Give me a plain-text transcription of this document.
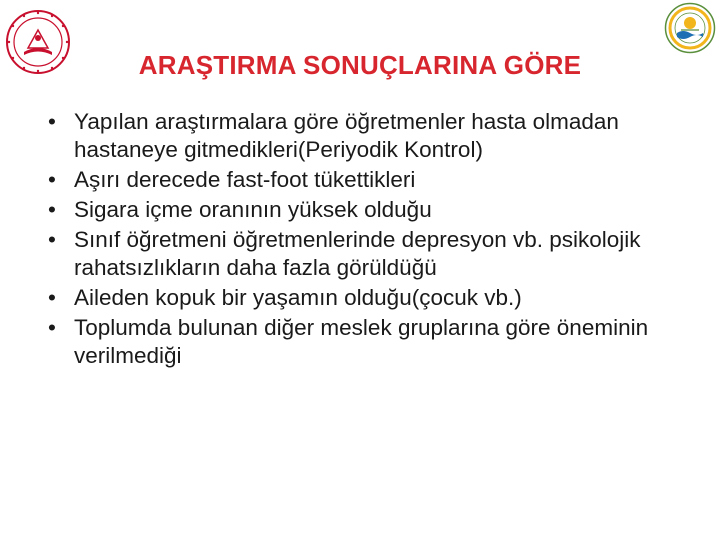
ARAŞTIRMA SONUÇLARINA GÖRE
• Yapılan araştırmalara göre öğretmenler hasta olmadan hastaneye gitmedikleri(Periyodik Kontrol)
• Aşırı derecede fast-foot tükettikleri
• Sigara içme oranının yüksek olduğu
• Sınıf öğretmeni öğretmenlerinde depresyon vb. psikolojik rahatsızlıkların daha fazla görüldüğü
• Aileden kopuk bir yaşamın olduğu(çocuk vb.)
• Toplumda bulunan diğer meslek gruplarına göre öneminin verilmediği
